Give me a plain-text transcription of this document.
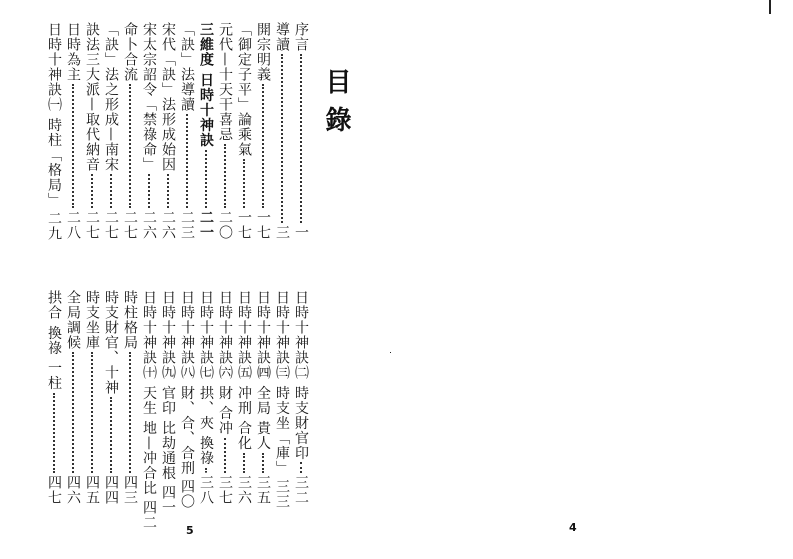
序言
一
導讀
三
開宗明義
一七
「御定子平」論乘氣
一七
元代—十天干喜忌
二〇
三維度 日時十神訣
二一
「訣」法導讀
二三
宋代「訣」法形成始因
二六
宋太宗詔令「禁祿命」
二六
命卜合流
二七
「訣」法之形成—南宋
二七
訣法三大派—取代納音
二七
日時為主
二八
日時十神訣㈠ 時柱「格局」
二九
日時十神訣㈡ 時支財官印
三二
日時十神訣㈢ 時支坐「庫」
三三
日時十神訣㈣ 全局 貴人
三五
日時十神訣㈤ 冲刑 合化
三六
日時十神訣㈥ 財 合冲
三七
日時十神訣㈦ 拱、夾 換祿
三八
日時十神訣㈧ 財、合、合刑
四〇
日時十神訣㈨ 官印 比劫通根
四一
日時十神訣㈩ 天生 地—冲合比
四二
時柱格局
四三
時支財官、十神
四四
時支坐庫
四五
全局調候
四六
拱合 換祿 一柱
四七
目錄
5	4
